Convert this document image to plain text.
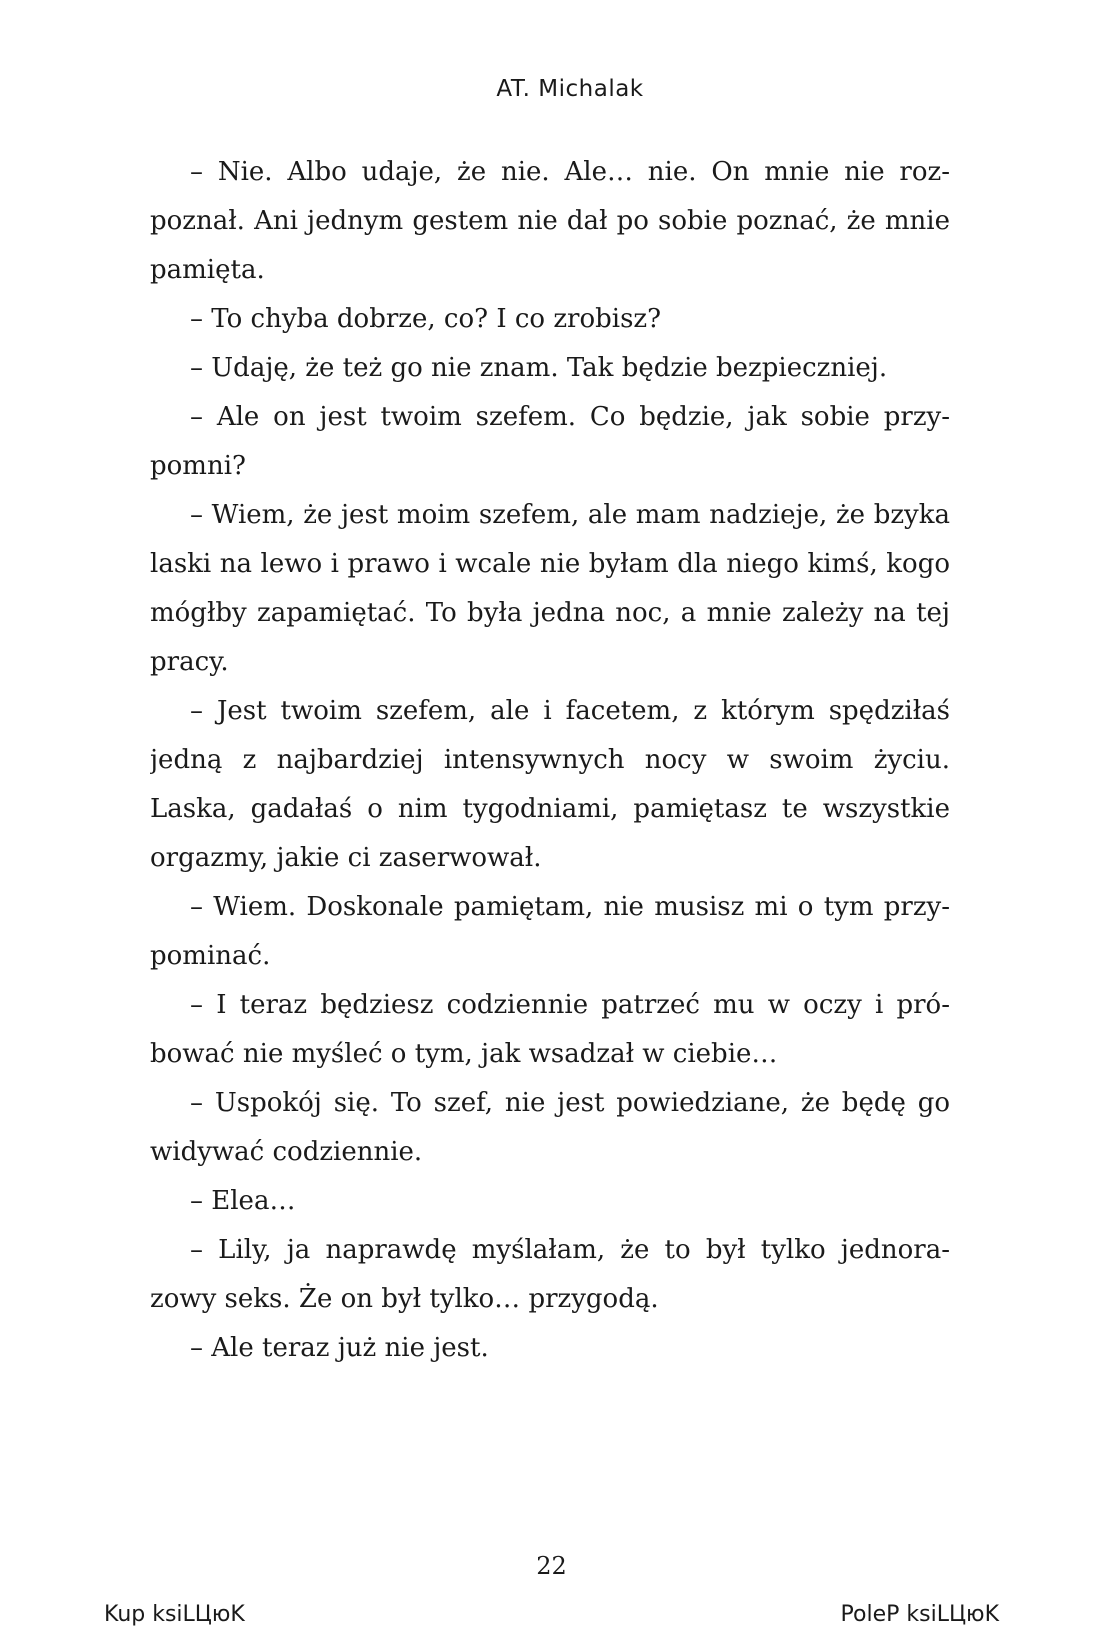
AT. Michalak
– Nie. Albo udaje, że nie. Ale… nie. On mnie nie roz-
poznał. Ani jednym gestem nie dał po sobie poznać, że mnie
pamięta.
– To chyba dobrze, co? I co zrobisz?
– Udaję, że też go nie znam. Tak będzie bezpieczniej.
– Ale on jest twoim szefem. Co będzie, jak sobie przy-
pomni?
– Wiem, że jest moim szefem, ale mam nadzieje, że bzyka
laski na lewo i prawo i wcale nie byłam dla niego kimś, kogo
mógłby zapamiętać. To była jedna noc, a mnie zależy na tej
pracy.
– Jest twoim szefem, ale i facetem, z którym spędziłaś
jedną z najbardziej intensywnych nocy w swoim życiu.
Laska, gadałaś o nim tygodniami, pamiętasz te wszystkie
orgazmy, jakie ci zaserwował.
– Wiem. Doskonale pamiętam, nie musisz mi o tym przy-
pominać.
– I teraz będziesz codziennie patrzeć mu w oczy i pró-
bować nie myśleć o tym, jak wsadzał w ciebie…
– Uspokój się. To szef, nie jest powiedziane, że będę go
widywać codziennie.
– Elea…
– Lily, ja naprawdę myślałam, że to był tylko jednora-
zowy seks. Że on był tylko… przygodą.
– Ale teraz już nie jest.
22
Kup ksiLЦюK	PoleP ksiLЦюK
